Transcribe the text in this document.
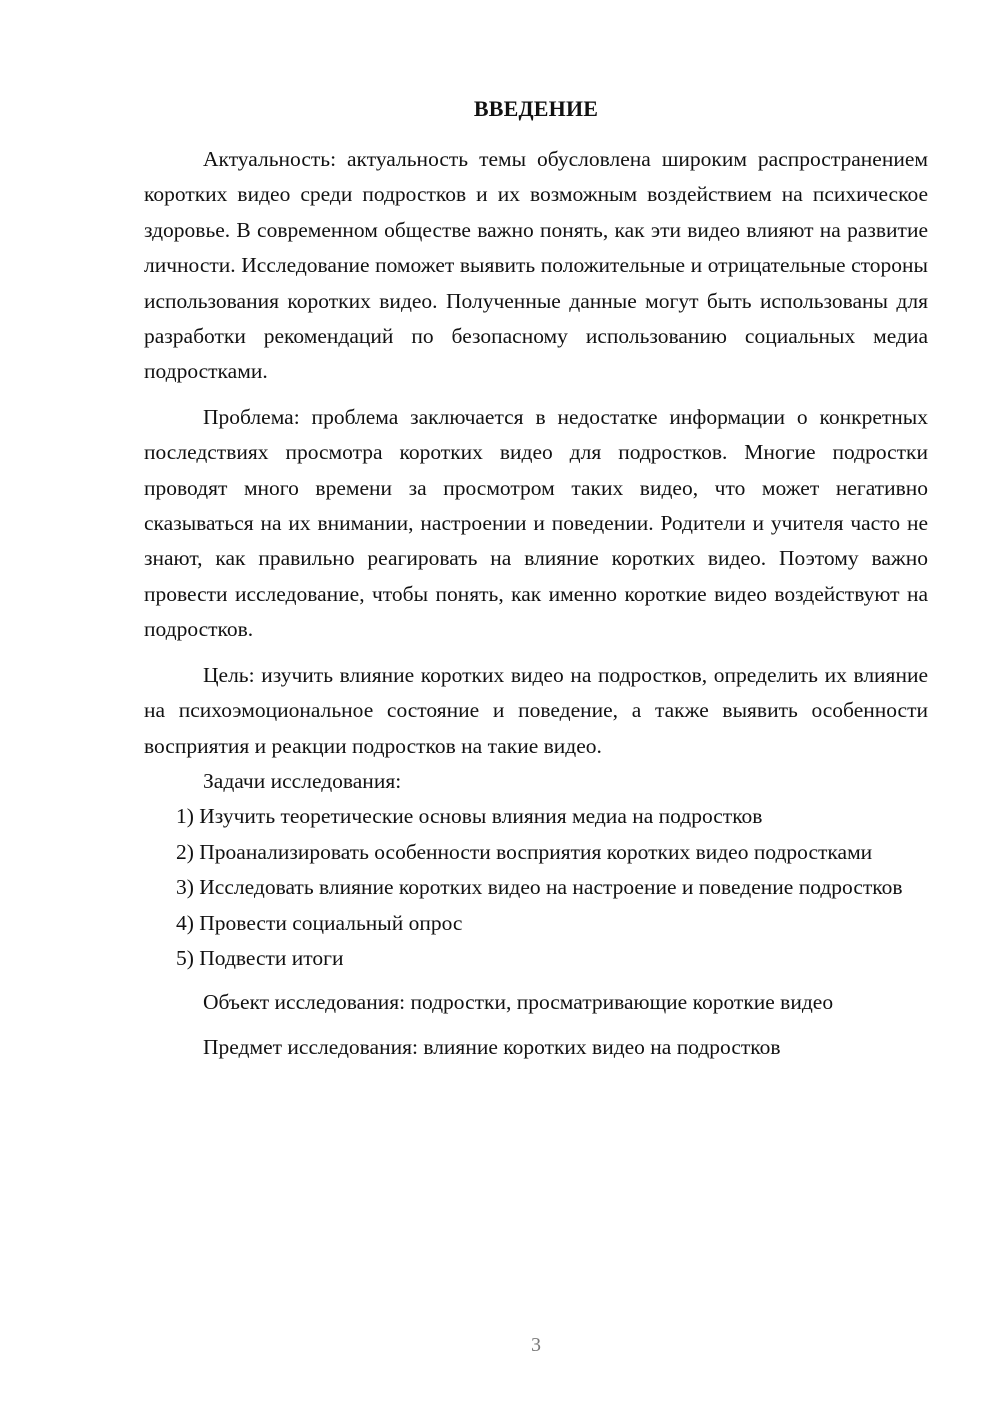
ВВЕДЕНИЕ

Актуальность: актуальность темы обусловлена широким распространением коротких видео среди подростков и их возможным воздействием на психическое здоровье. В современном обществе важно понять, как эти видео влияют на развитие личности. Исследование поможет выявить положительные и отрицательные стороны использования коротких видео. Полученные данные могут быть использованы для разработки рекомендаций по безопасному использованию социальных медиа подростками.

Проблема: проблема заключается в недостатке информации о конкретных последствиях просмотра коротких видео для подростков. Многие подростки проводят много времени за просмотром таких видео, что может негативно сказываться на их внимании, настроении и поведении. Родители и учителя часто не знают, как правильно реагировать на влияние коротких видео. Поэтому важно провести исследование, чтобы понять, как именно короткие видео воздействуют на подростков.

Цель: изучить влияние коротких видео на подростков, определить их влияние на психоэмоциональное состояние и поведение, а также выявить особенности восприятия и реакции подростков на такие видео.

Задачи исследования:

1) Изучить теоретические основы влияния медиа на подростков

2) Проанализировать особенности восприятия коротких видео подростками

3) Исследовать влияние коротких видео на настроение и поведение подростков

4) Провести социальный опрос

5) Подвести итоги

Объект исследования: подростки, просматривающие короткие видео

Предмет исследования: влияние коротких видео на подростков

3
